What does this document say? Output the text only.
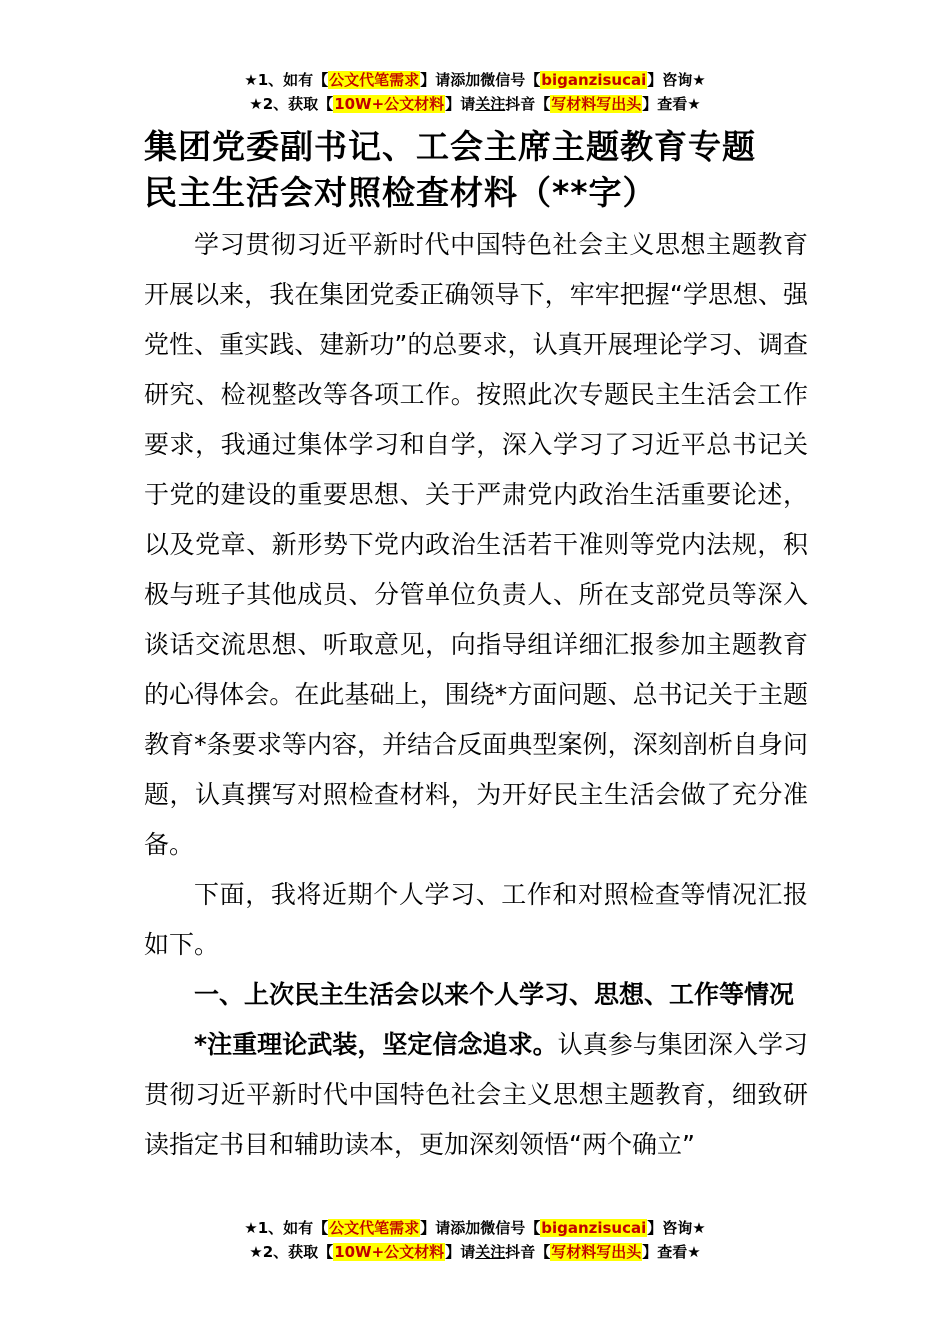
★1、如有【公文代笔需求】请添加微信号【biganzisucai】咨询★
★2、获取【10W+公文材料】请关注抖音【写材料写出头】查看★
集团党委副书记、工会主席主题教育专题
民主生活会对照检查材料（**字）

学习贯彻习近平新时代中国特色社会主义思想主题教育开展以来，我在集团党委正确领导下，牢牢把握“学思想、强党性、重实践、建新功”的总要求，认真开展理论学习、调查研究、检视整改等各项工作。按照此次专题民主生活会工作要求，我通过集体学习和自学，深入学习了习近平总书记关于党的建设的重要思想、关于严肃党内政治生活重要论述，以及党章、新形势下党内政治生活若干准则等党内法规，积极与班子其他成员、分管单位负责人、所在支部党员等深入谈话交流思想、听取意见，向指导组详细汇报参加主题教育的心得体会。在此基础上，围绕*方面问题、总书记关于主题教育*条要求等内容，并结合反面典型案例，深刻剖析自身问题，认真撰写对照检查材料，为开好民主生活会做了充分准备。

下面，我将近期个人学习、工作和对照检查等情况汇报如下。

一、上次民主生活会以来个人学习、思想、工作等情况

*注重理论武装，坚定信念追求。认真参与集团深入学习贯彻习近平新时代中国特色社会主义思想主题教育，细致研读指定书目和辅助读本，更加深刻领悟“两个确立”

★1、如有【公文代笔需求】请添加微信号【biganzisucai】咨询★
★2、获取【10W+公文材料】请关注抖音【写材料写出头】查看★
